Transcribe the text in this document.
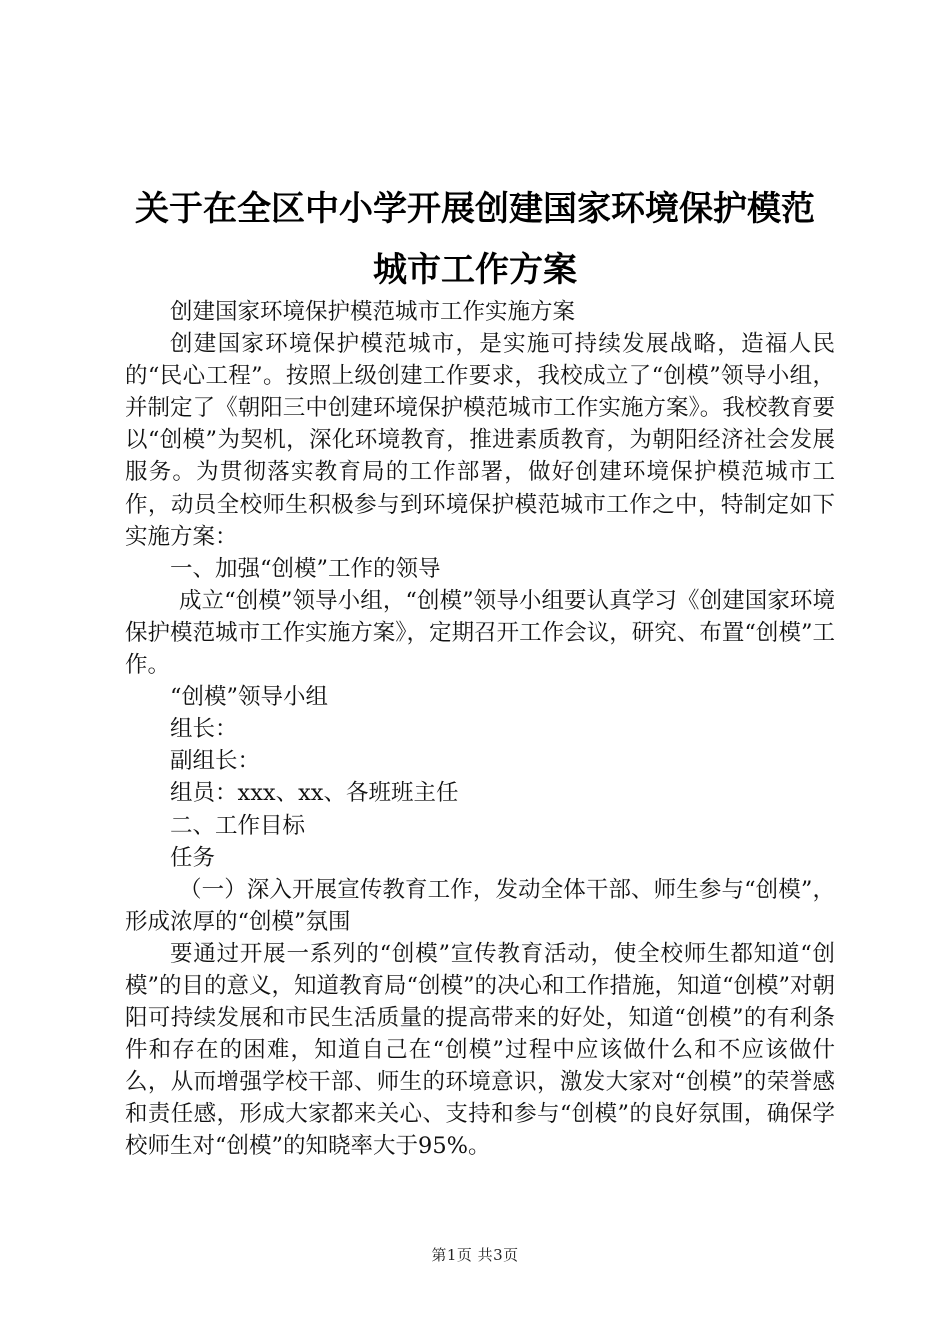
关于在全区中小学开展创建国家环境保护模范
城市工作方案

创建国家环境保护模范城市工作实施方案

创建国家环境保护模范城市，是实施可持续发展战略，造福人民的“民心工程”。按照上级创建工作要求，我校成立了“创模”领导小组，并制定了《朝阳三中创建环境保护模范城市工作实施方案》。我校教育要以“创模”为契机，深化环境教育，推进素质教育，为朝阳经济社会发展服务。为贯彻落实教育局的工作部署，做好创建环境保护模范城市工作，动员全校师生积极参与到环境保护模范城市工作之中，特制定如下实施方案：

一、加强“创模”工作的领导

成立“创模”领导小组，“创模”领导小组要认真学习《创建国家环境保护模范城市工作实施方案》，定期召开工作会议，研究、布置“创模”工作。

“创模”领导小组

组长：

副组长：

组员：xxx、xx、各班班主任

二、工作目标

任务

（一）深入开展宣传教育工作，发动全体干部、师生参与“创模”，形成浓厚的“创模”氛围

要通过开展一系列的“创模”宣传教育活动，使全校师生都知道“创模”的目的意义，知道教育局“创模”的决心和工作措施，知道“创模”对朝阳可持续发展和市民生活质量的提高带来的好处，知道“创模”的有利条件和存在的困难，知道自己在“创模”过程中应该做什么和不应该做什么，从而增强学校干部、师生的环境意识，激发大家对“创模”的荣誉感和责任感，形成大家都来关心、支持和参与“创模”的良好氛围，确保学校师生对“创模”的知晓率大于95%。

第1页 共3页
